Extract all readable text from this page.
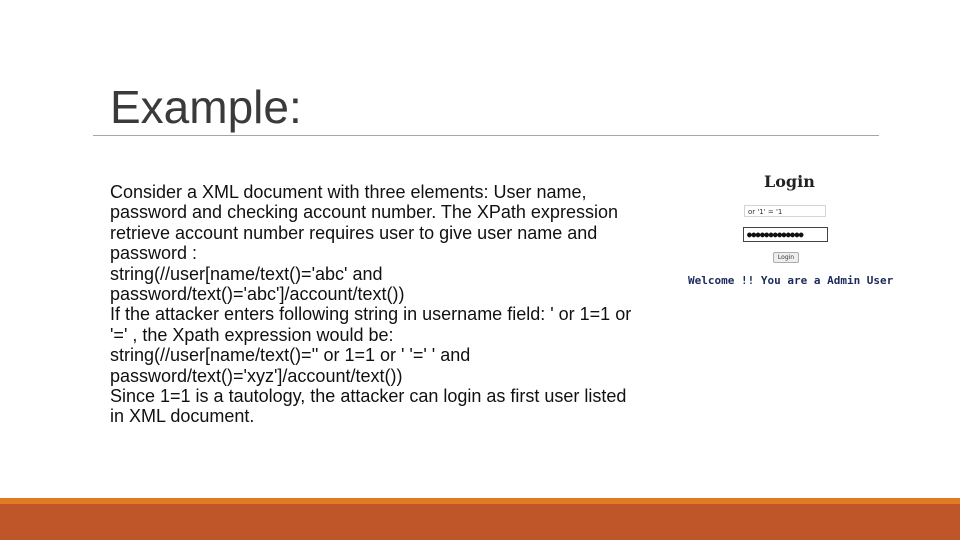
Example:
Consider a XML document with three elements: User name,
password and checking account number. The XPath expression
retrieve account number requires user to give user name and
password :
string(//user[name/text()='abc' and
password/text()='abc']/account/text())
If the attacker enters following string in username field: ' or 1=1 or
'=' , the Xpath expression would be:
string(//user[name/text()='' or 1=1 or ' '=' ' and
password/text()='xyz']/account/text())
Since 1=1 is a tautology, the attacker can login as first user listed
in XML document.
Login
or '1' = '1
●●●●●●●●●●●●●
Login
Welcome !! You are a Admin User
